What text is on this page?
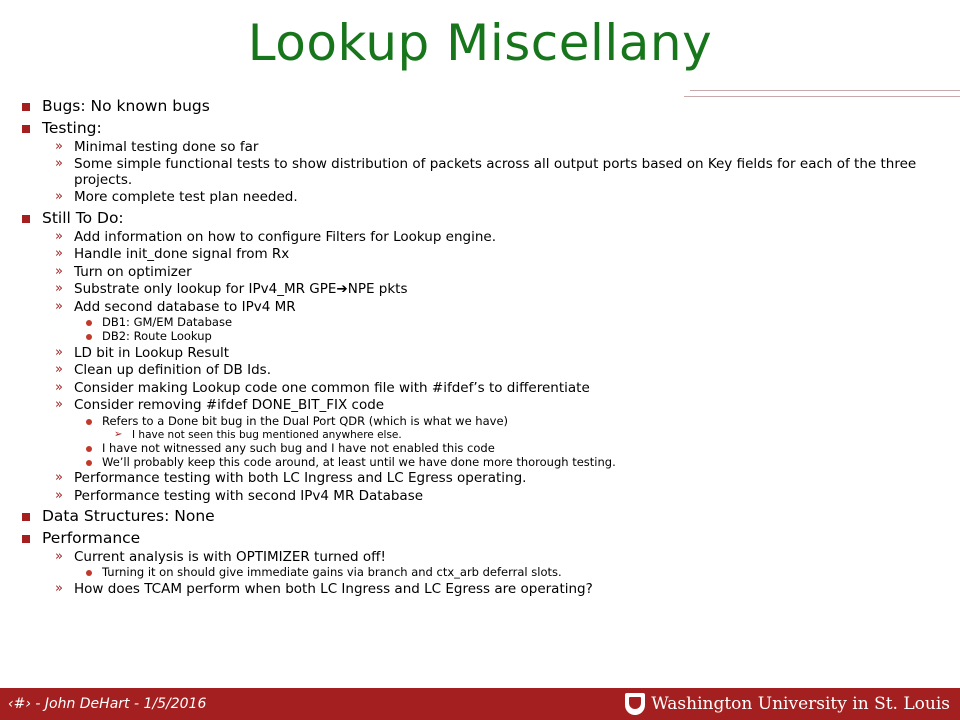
Lookup Miscellany
Bugs: No known bugs
Testing:
» Minimal testing done so far
» Some simple functional tests to show distribution of packets across all output ports based on Key fields for each of the three projects.
» More complete test plan needed.
Still To Do:
» Add information on how to configure Filters for Lookup engine.
» Handle init_done signal from Rx
» Turn on optimizer
» Substrate only lookup for IPv4_MR GPE➔NPE pkts
» Add second database to IPv4 MR
DB1: GM/EM Database
DB2: Route Lookup
» LD bit in Lookup Result
» Clean up definition of DB Ids.
» Consider making Lookup code one common file with #ifdef’s to differentiate
» Consider removing #ifdef DONE_BIT_FIX code
Refers to a Done bit bug in the Dual Port QDR (which is what we have)
➢ I have not seen this bug mentioned anywhere else.
I have not witnessed any such bug and I have not enabled this code
We’ll probably keep this code around, at least until we have done more thorough testing.
» Performance testing with both LC Ingress and LC Egress operating.
» Performance testing with second IPv4 MR Database
Data Structures: None
Performance
» Current analysis is with OPTIMIZER turned off!
Turning it on should give immediate gains via branch and ctx_arb deferral slots.
» How does TCAM perform when both LC Ingress and LC Egress are operating?
‹#› - John DeHart - 1/5/2016	Washington University in St. Louis
